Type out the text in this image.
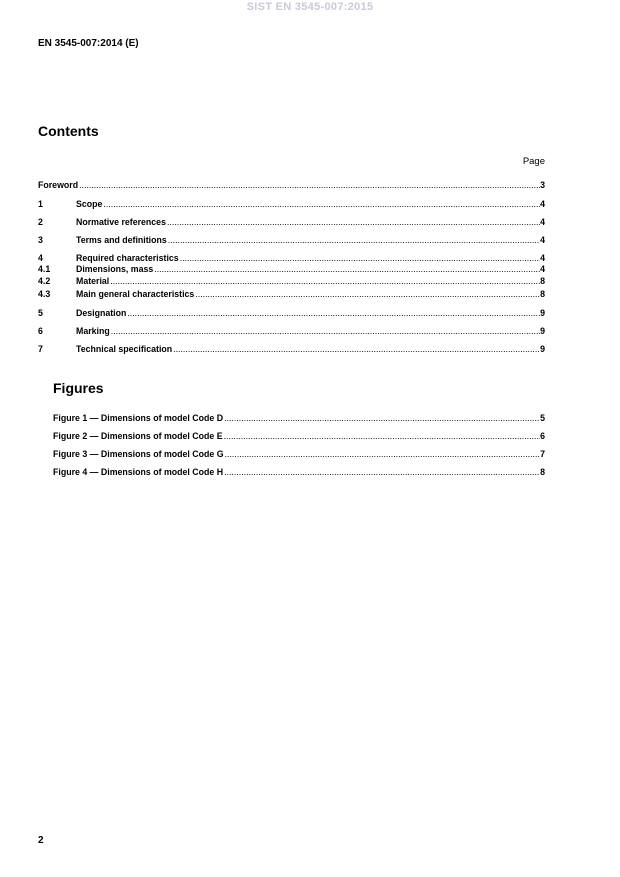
SIST EN 3545-007:2015
EN 3545-007:2014 (E)
Contents
Page
Foreword .....	3
1	Scope .....	4
2	Normative references .....	4
3	Terms and definitions .....	4
4	Required characteristics .....	4
4.1	Dimensions, mass .....	4
4.2	Material .....	8
4.3	Main general characteristics .....	8
5	Designation .....	9
6	Marking .....	9
7	Technical specification .....	9
Figures
Figure 1 — Dimensions of model Code D .....	5
Figure 2 — Dimensions of model Code E .....	6
Figure 3 — Dimensions of model Code G .....	7
Figure 4 — Dimensions of model Code H .....	8
2
